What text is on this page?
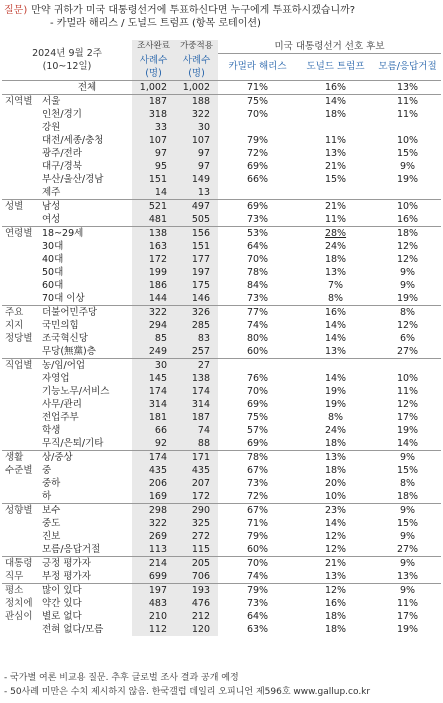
질문) 만약 귀하가 미국 대통령선거에 투표하신다면 누구에게 투표하시겠습니까?
- 카멀라 해리스 / 도널드 트럼프 (항목 로테이션)
2024년 9월 2주
(10~12일)		조사완료	가중적용	미국 대통령선거 선호 후보		
		사례수	사례수	카멀라 해리스	도널드 트럼프	모름/응답거절
		(명)	(명)			
	전체	1,002	1,002	71%	16%	13%
지역별	서울	187	188	75%	14%	11%
	인천/경기	318	322	70%	18%	11%
	강원	33	30			
	대전/세종/충청	107	107	79%	11%	10%
	광주/전라	97	97	72%	13%	15%
	대구/경북	95	97	69%	21%	9%
	부산/울산/경남	151	149	66%	15%	19%
	제주	14	13			
성별	남성	521	497	69%	21%	10%
	여성	481	505	73%	11%	16%
연령별	18~29세	138	156	53%	28%	18%
	30대	163	151	64%	24%	12%
	40대	172	177	70%	18%	12%
	50대	199	197	78%	13%	9%
	60대	186	175	84%	7%	9%
	70대 이상	144	146	73%	8%	19%
주요	더불어민주당	322	326	77%	16%	8%
지지	국민의힘	294	285	74%	14%	12%
정당별	조국혁신당	85	83	80%	14%	6%
	무당(無黨)층	249	257	60%	13%	27%
직업별	농/임/어업	30	27			
	자영업	145	138	76%	14%	10%
	기능노무/서비스	174	174	70%	19%	11%
	사무/관리	314	314	69%	19%	12%
	전업주부	181	187	75%	8%	17%
	학생	66	74	57%	24%	19%
	무직/은퇴/기타	92	88	69%	18%	14%
생활	상/중상	174	171	78%	13%	9%
수준별	중	435	435	67%	18%	15%
	중하	206	207	73%	20%	8%
	하	169	172	72%	10%	18%
성향별	보수	298	290	67%	23%	9%
	중도	322	325	71%	14%	15%
	진보	269	272	79%	12%	9%
	모름/응답거절	113	115	60%	12%	27%
대통령	긍정 평가자	214	205	70%	21%	9%
직무	부정 평가자	699	706	74%	13%	13%
평소	많이 있다	197	193	79%	12%	9%
정치에	약간 있다	483	476	73%	16%	11%
관심이	별로 없다	210	212	64%	18%	17%
	전혀 없다/모름	112	120	63%	18%	19%
- 국가별 여론 비교용 질문. 추후 글로벌 조사 결과 공개 예정
- 50사례 미만은 수치 제시하지 않음. 한국갤럽 데일리 오피니언 제596호 www.gallup.co.kr
